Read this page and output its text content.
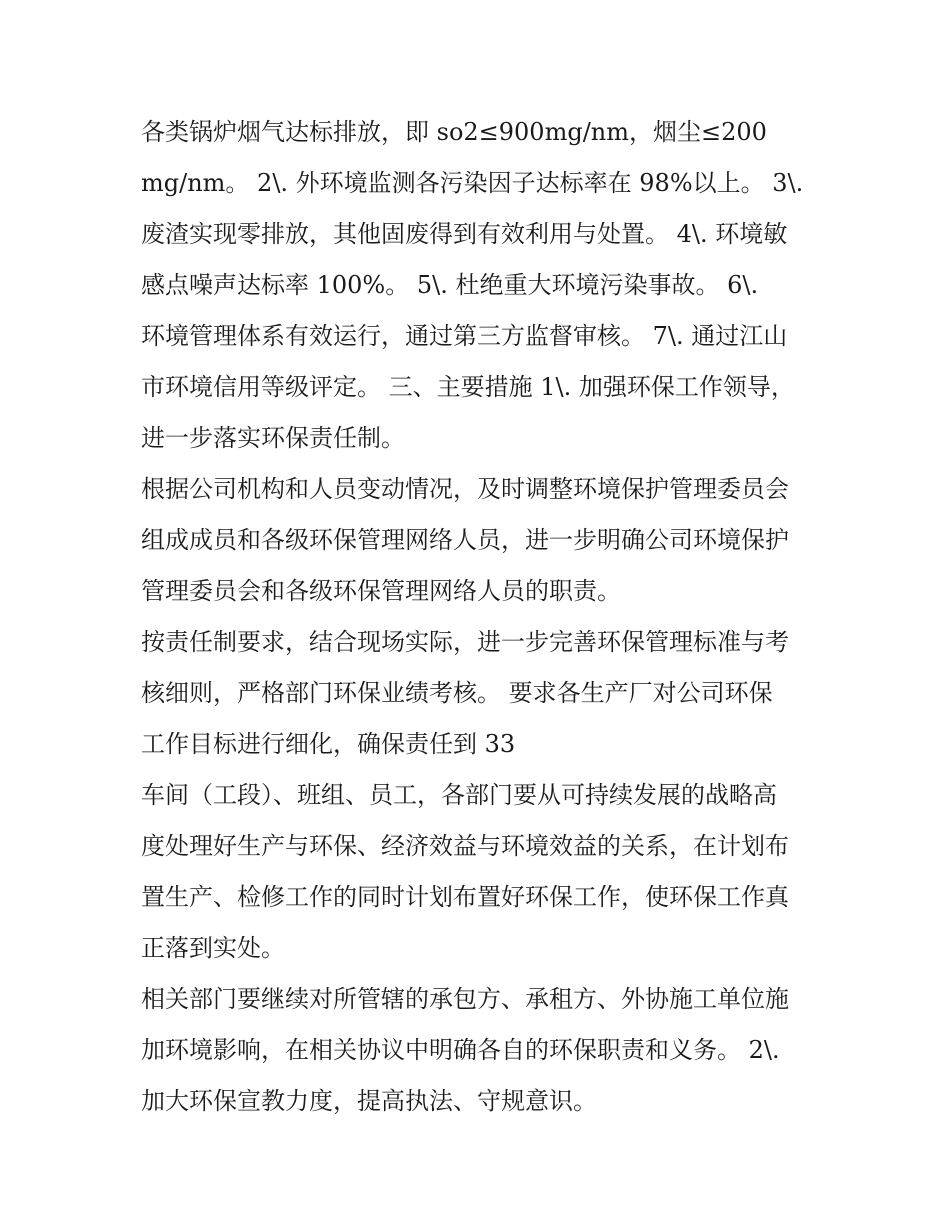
各类锅炉烟气达标排放，即 so2≤900mg/nm，烟尘≤200
mg/nm。 2\. 外环境监测各污染因子达标率在 98%以上。 3\.
废渣实现零排放，其他固废得到有效利用与处置。 4\. 环境敏
感点噪声达标率 100%。 5\. 杜绝重大环境污染事故。 6\.
环境管理体系有效运行，通过第三方监督审核。 7\. 通过江山
市环境信用等级评定。 三、主要措施 1\. 加强环保工作领导，
进一步落实环保责任制。
根据公司机构和人员变动情况，及时调整环境保护管理委员会
组成成员和各级环保管理网络人员，进一步明确公司环境保护
管理委员会和各级环保管理网络人员的职责。
按责任制要求，结合现场实际，进一步完善环保管理标准与考
核细则，严格部门环保业绩考核。 要求各生产厂对公司环保
工作目标进行细化，确保责任到 33
车间（工段）、班组、员工，各部门要从可持续发展的战略高
度处理好生产与环保、经济效益与环境效益的关系，在计划布
置生产、检修工作的同时计划布置好环保工作，使环保工作真
正落到实处。
相关部门要继续对所管辖的承包方、承租方、外协施工单位施
加环境影响，在相关协议中明确各自的环保职责和义务。 2\.
加大环保宣教力度，提高执法、守规意识。
